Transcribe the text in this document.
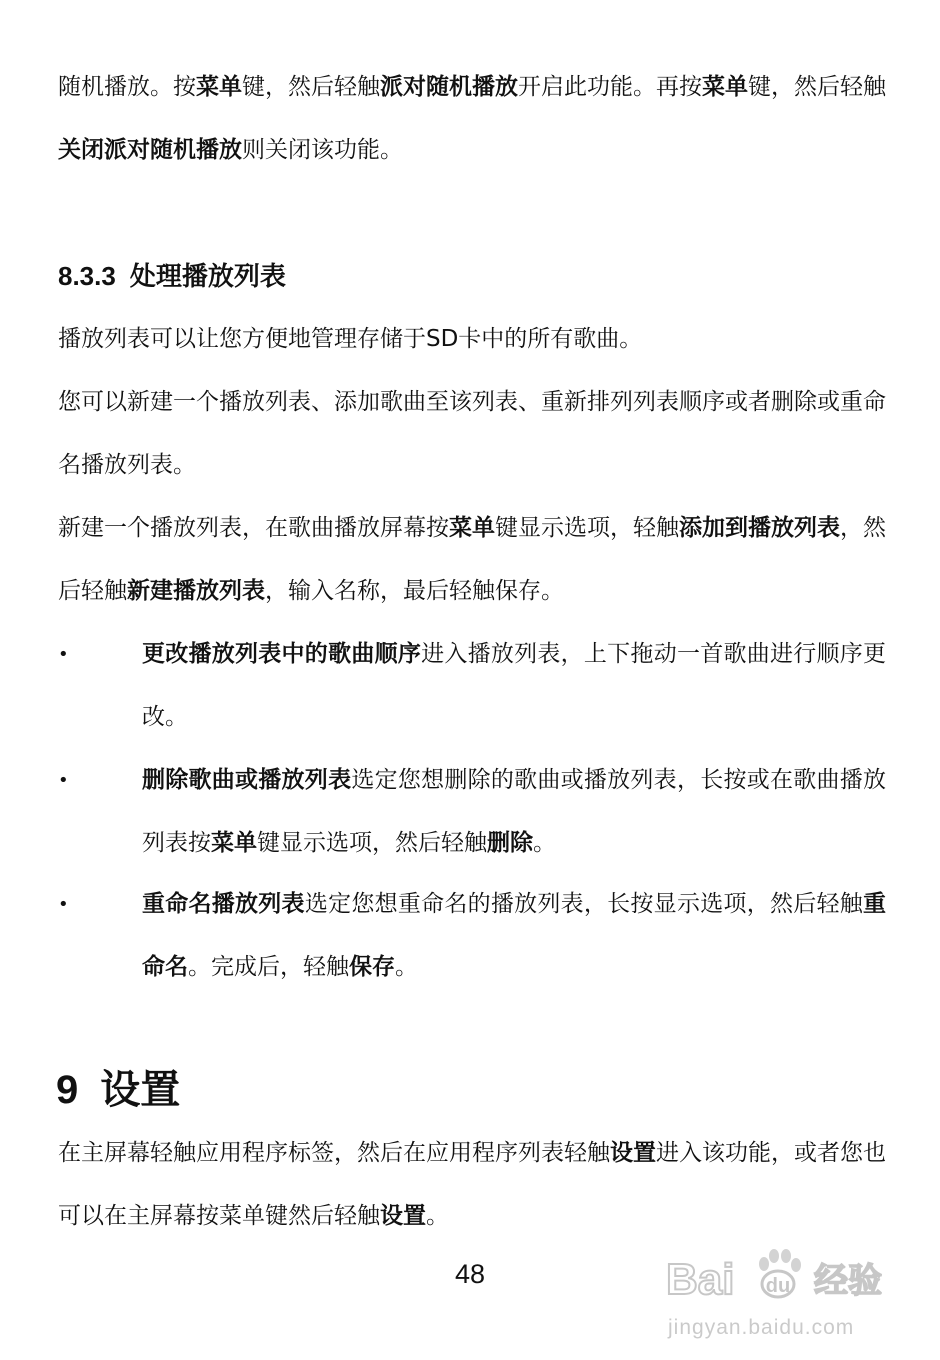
随机播放。按菜单键，然后轻触派对随机播放开启此功能。再按菜单键，然后轻触关闭派对随机播放则关闭该功能。

8.3.3 处理播放列表

播放列表可以让您方便地管理存储于SD卡中的所有歌曲。

您可以新建一个播放列表、添加歌曲至该列表、重新排列列表顺序或者删除或重命名播放列表。

新建一个播放列表，在歌曲播放屏幕按菜单键显示选项，轻触添加到播放列表，然后轻触新建播放列表，输入名称，最后轻触保存。

•	更改播放列表中的歌曲顺序进入播放列表，上下拖动一首歌曲进行顺序更改。
•	删除歌曲或播放列表选定您想删除的歌曲或播放列表，长按或在歌曲播放列表按菜单键显示选项，然后轻触删除。
•	重命名播放列表选定您想重命名的播放列表，长按显示选项，然后轻触重命名。完成后，轻触保存。
9 设置

在主屏幕轻触应用程序标签，然后在应用程序列表轻触设置进入该功能，或者您也可以在主屏幕按菜单键然后轻触设置。

48	Bai du 经验
jingyan.baidu.com
